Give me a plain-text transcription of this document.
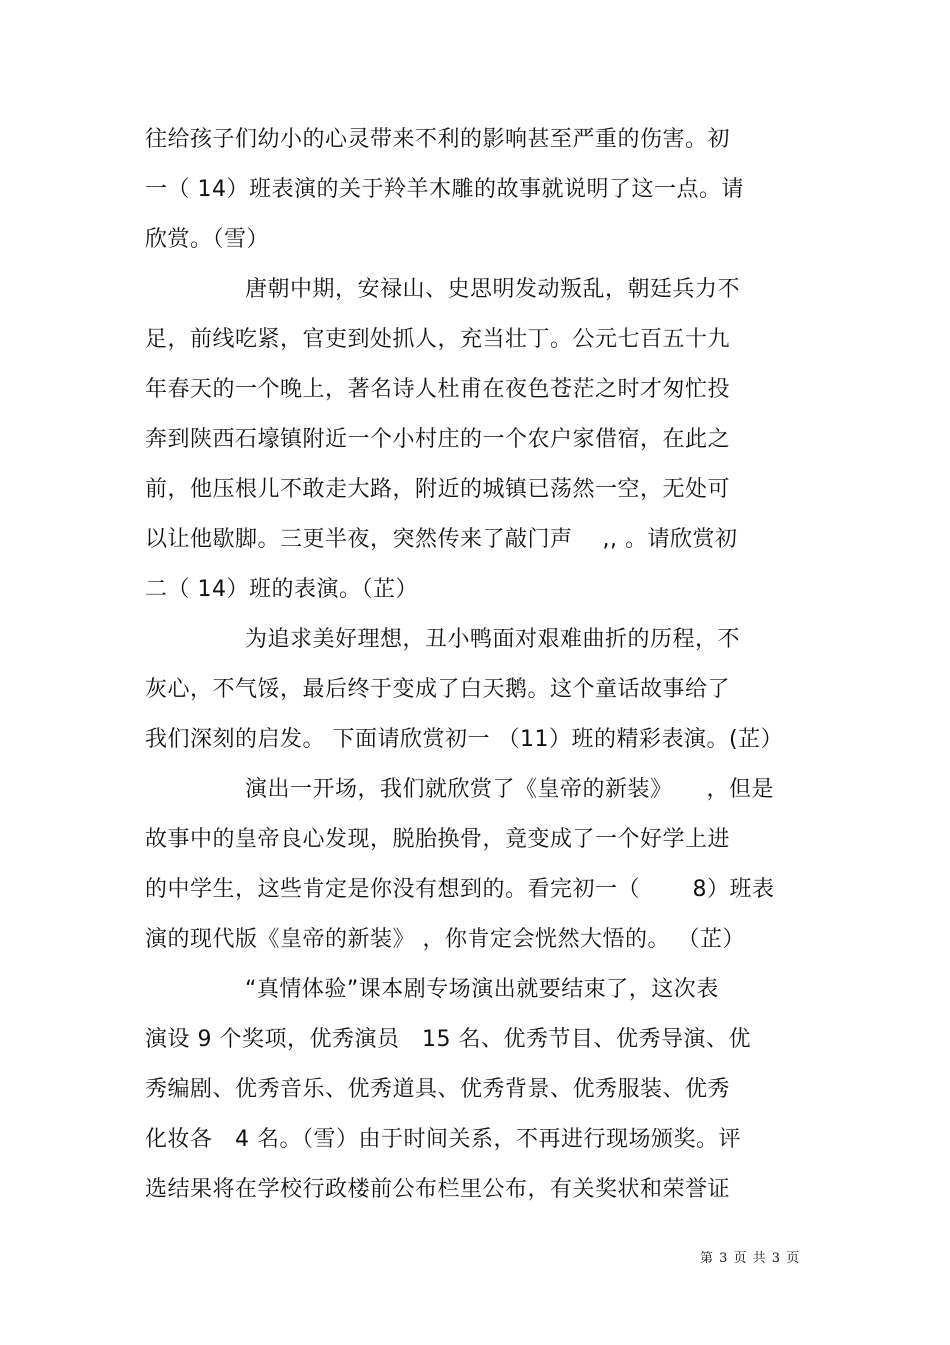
往给孩子们幼小的心灵带来不利的影响甚至严重的伤害。初
一（ 14）班表演的关于羚羊木雕的故事就说明了这一点。请
欣赏。（雪）
唐朝中期，安禄山、史思明发动叛乱，朝廷兵力不
足，前线吃紧，官吏到处抓人，充当壮丁。公元七百五十九
年春天的一个晚上，著名诗人杜甫在夜色苍茫之时才匆忙投
奔到陕西石壕镇附近一个小村庄的一个农户家借宿，在此之
前，他压根儿不敢走大路，附近的城镇已荡然一空，无处可
以让他歇脚。三更半夜，突然传来了敲门声　 ,, 。请欣赏初
二（ 14）班的表演。（芷）
为追求美好理想，丑小鸭面对艰难曲折的历程，不
灰心，不气馁，最后终于变成了白天鹅。这个童话故事给了
我们深刻的启发。 下面请欣赏初一 （11）班的精彩表演。(芷）
演出一开场，我们就欣赏了《皇帝的新装》　　，但是
故事中的皇帝良心发现，脱胎换骨，竟变成了一个好学上进
的中学生，这些肯定是你没有想到的。看完初一（　　 8）班表
演的现代版《皇帝的新装》 ，你肯定会恍然大悟的。 （芷）
“真情体验”课本剧专场演出就要结束了，这次表
演设 9 个奖项，优秀演员　15 名、优秀节目、优秀导演、优
秀编剧、优秀音乐、优秀道具、优秀背景、优秀服装、优秀
化妆各　4 名。（雪）由于时间关系，不再进行现场颁奖。评
选结果将在学校行政楼前公布栏里公布，有关奖状和荣誉证
第 3 页 共 3 页
